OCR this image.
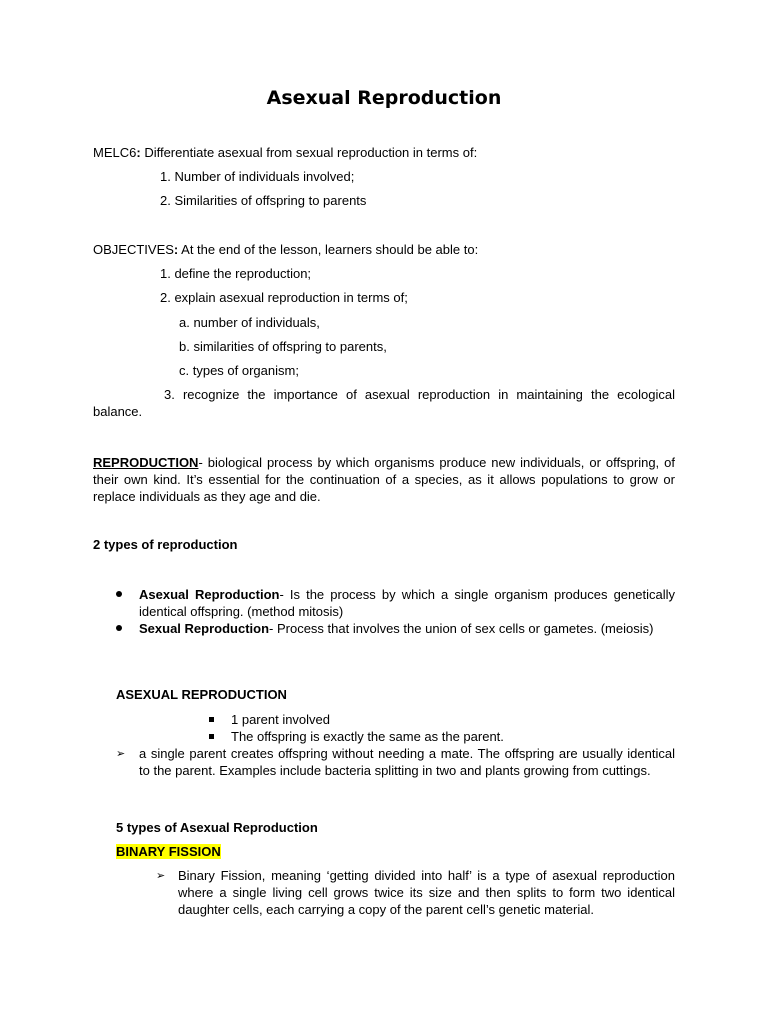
Asexual Reproduction
MELC6: Differentiate asexual from sexual reproduction in terms of:
1. Number of individuals involved;
2. Similarities of offspring to parents
OBJECTIVES: At the end of the lesson, learners should be able to:
1. define the reproduction;
2. explain asexual reproduction in terms of;
a. number of individuals,
b. similarities of offspring to parents,
c. types of organism;
3. recognize the importance of asexual reproduction in maintaining the ecological balance.
REPRODUCTION- biological process by which organisms produce new individuals, or offspring, of their own kind. It’s essential for the continuation of a species, as it allows populations to grow or replace individuals as they age and die.
2 types of reproduction
Asexual Reproduction- Is the process by which a single organism produces genetically identical offspring. (method mitosis)
Sexual Reproduction- Process that involves the union of sex cells or gametes. (meiosis)
ASEXUAL REPRODUCTION
1 parent involved
The offspring is exactly the same as the parent.
➢ a single parent creates offspring without needing a mate. The offspring are usually identical to the parent. Examples include bacteria splitting in two and plants growing from cuttings.
5 types of Asexual Reproduction
BINARY FISSION
➢ Binary Fission, meaning ‘getting divided into half’ is a type of asexual reproduction where a single living cell grows twice its size and then splits to form two identical daughter cells, each carrying a copy of the parent cell’s genetic material.
